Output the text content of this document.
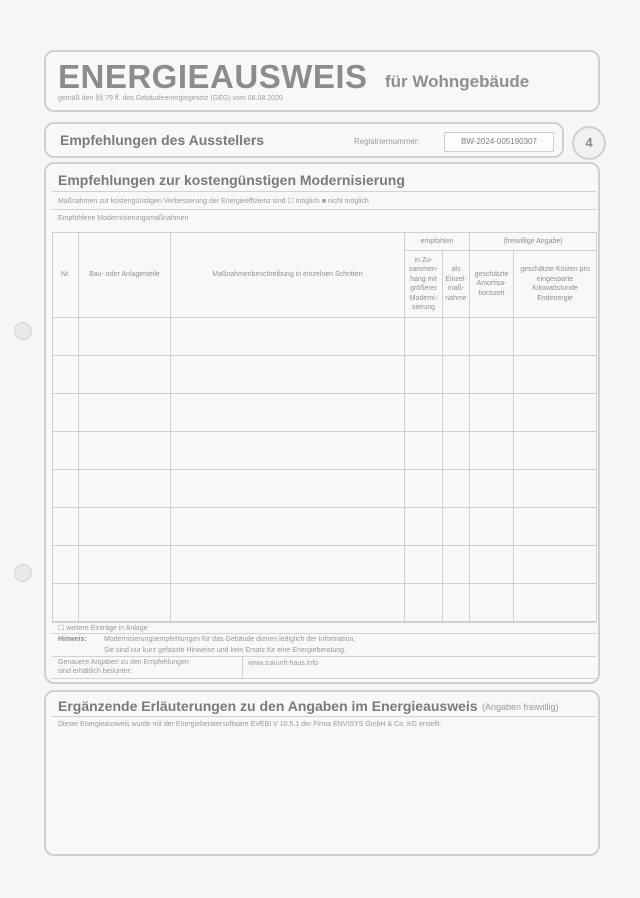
ENERGIEAUSWEIS für Wohngebäude
gemäß den §§ 79 ff. des Gebäudeenergiegesetz (GEG) vom 08.08.2020
Empfehlungen des Ausstellers	Registriernummer:	BW-2024-005190307	4
Empfehlungen zur kostengünstigen Modernisierung
Maßnahmen zur kostengünstigen Verbesserung der Energieeffizienz sind ☐ möglich ■ nicht möglich
Empfohlene Modernisierungsmaßnahmen
Nr.	Bau- oder Anlagenteile	Maßnahmenbeschreibung in einzelnen Schritten	empfohlen		(freiwillige Angabe)	
			in Zu-sammen-hang mit größerer Moderni-sierung	als Einzel-maß-nahme	geschätzte Amortisa-tionszeit	geschätzte Kosten pro eingesparte Kilowattstunde Endenergie

☐ weitere Einträge in Anlage
Hinweis: Modernisierungsempfehlungen für das Gebäude dienen lediglich der Information.
Sie sind nur kurz gefasste Hinweise und kein Ersatz für eine Energieberatung.
Genauere Angaben zu den Empfehlungen
sind erhältlich bei/unter:
www.zukunft-haus.info
Ergänzende Erläuterungen zu den Angaben im Energieausweis (Angaben freiwillig)
Dieser Energieausweis wurde mit der Energieberatersoftware EVEBI V 10.5.1 der Firma ENVISYS GmbH & Co. KG erstellt.
